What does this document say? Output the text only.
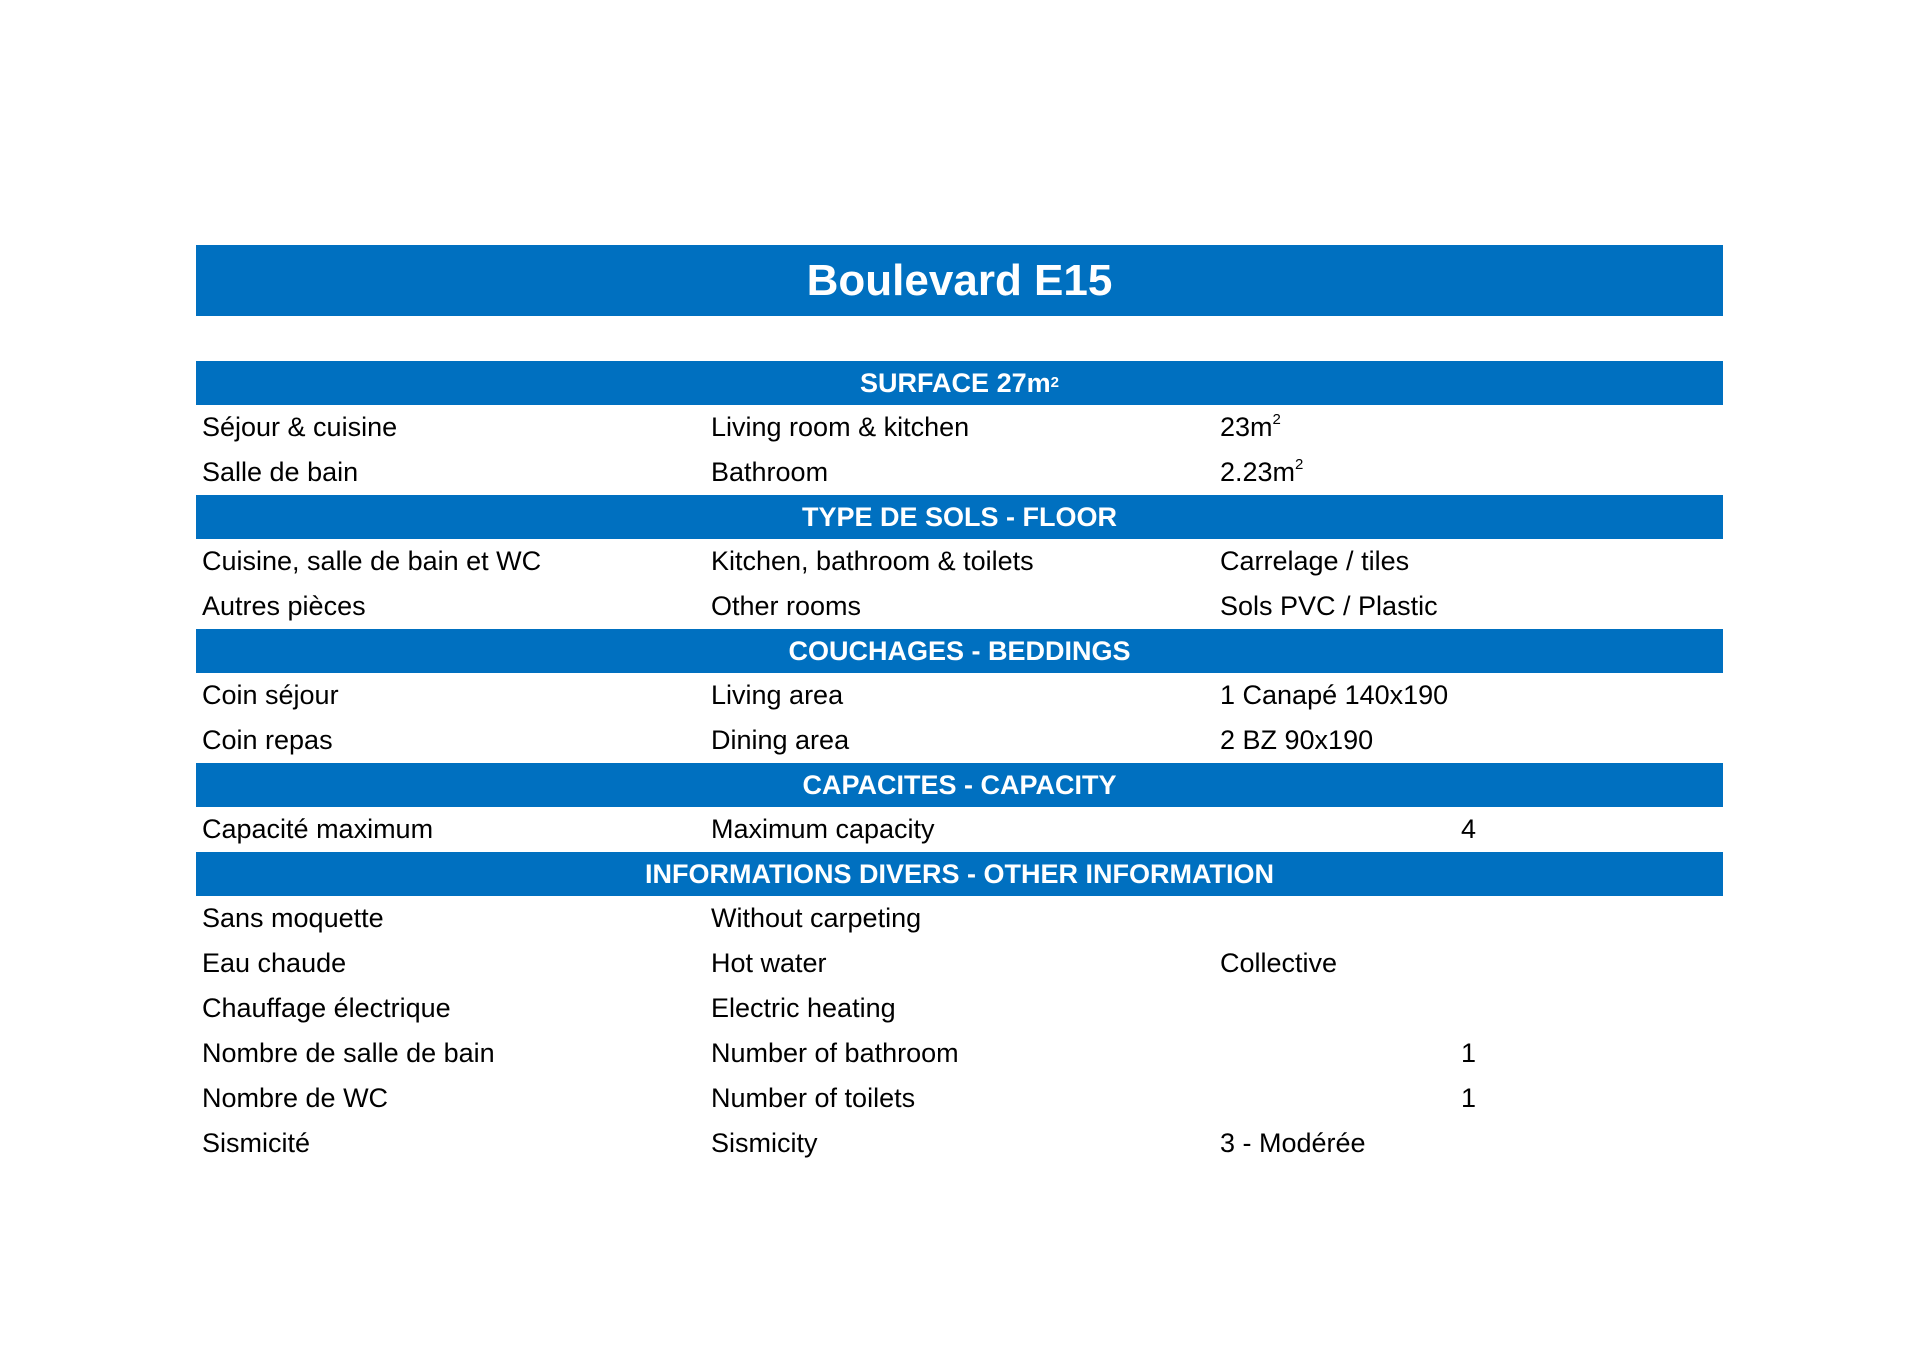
Boulevard E15
SURFACE 27m 2
Séjour & cuisine	Living room & kitchen	$23m^2$
Salle de bain	Bathroom	$2.23m^2$
TYPE DE SOLS - FLOOR
Cuisine, salle de bain et WC	Kitchen, bathroom & toilets	Carrelage / tiles
Autres pièces	Other rooms	Sols PVC / Plastic
COUCHAGES - BEDDINGS
Coin séjour	Living area	1 Canapé 140x190
Coin repas	Dining area	2 BZ 90x190
CAPACITES - CAPACITY
Capacité maximum	Maximum capacity	4
INFORMATIONS DIVERS - OTHER INFORMATION
Sans moquette	Without carpeting
Eau chaude	Hot water	Collective
Chauffage électrique	Electric heating
Nombre de salle de bain	Number of bathroom	1
Nombre de WC	Number of toilets	1
Sismicité	Sismicity	3 - Modérée
